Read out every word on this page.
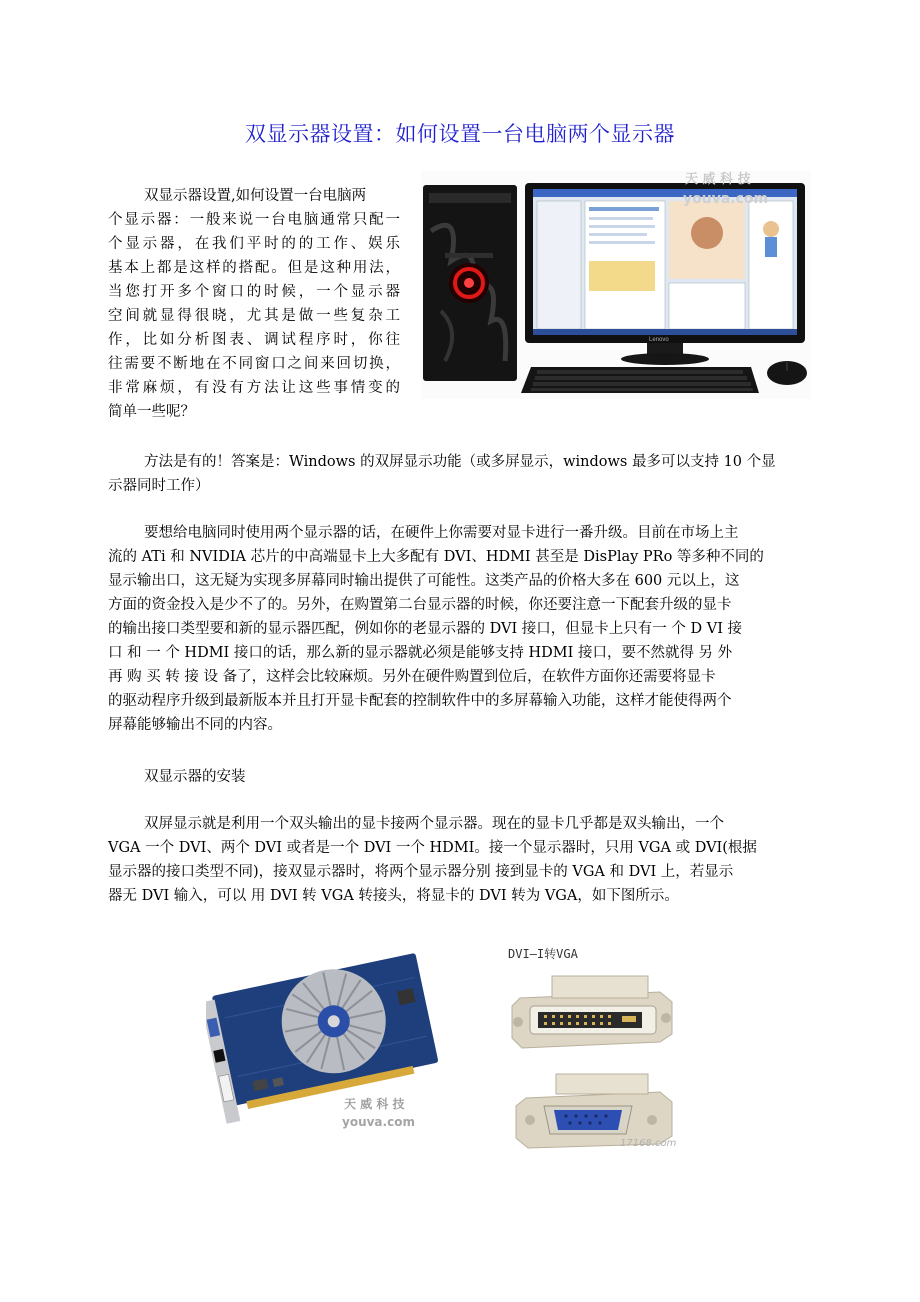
双显示器设置：如何设置一台电脑两个显示器
双显示器设置,如何设置一台电脑两
个显示器：一般来说一台电脑通常只配一
个显示器，在我们平时的的工作、娱乐
基本上都是这样的搭配。但是这种用法，
当您打开多个窗口的时候，一个显示器
空间就显得很晓，尤其是做一些复杂工
作，比如分析图表、调试程序时，你往
往需要不断地在不同窗口之间来回切换，
非常麻烦，有没有方法让这些事情变的
简单一些呢？
Lenovo
天 威 科 技
youva.com
方法是有的！答案是：Windows 的双屏显示功能（或多屏显示，windows 最多可以支持 10 个显
示器同时工作）
要想给电脑同时使用两个显示器的话，在硬件上你需要对显卡进行一番升级。目前在市场上主
流的 ATi 和 NVIDIA 芯片的中高端显卡上大多配有 DVI、HDMI 甚至是 DisPlay PRo 等多种不同的
显示输出口，这无疑为实现多屏幕同时输出提供了可能性。这类产品的价格大多在 600 元以上，这
方面的资金投入是少不了的。另外，在购置第二台显示器的时候，你还要注意一下配套升级的显卡
的输出接口类型要和新的显示器匹配，例如你的老显示器的 DVI 接口，但显卡上只有一 个 D VI 接
口 和 一 个 HDMI 接口的话，那么新的显示器就必须是能够支持 HDMI 接口，要不然就得 另 外
再 购 买 转 接 设 备了，这样会比较麻烦。另外在硬件购置到位后，在软件方面你还需要将显卡
的驱动程序升级到最新版本并且打开显卡配套的控制软件中的多屏幕输入功能，这样才能使得两个
屏幕能够输出不同的内容。
双显示器的安装
双屏显示就是利用一个双头输出的显卡接两个显示器。现在的显卡几乎都是双头输出，一个
VGA 一个 DVI、两个 DVI 或者是一个 DVI 一个 HDMI。接一个显示器时，只用 VGA 或 DVI(根据
显示器的接口类型不同)，接双显示器时，将两个显示器分别 接到显卡的 VGA 和 DVI 上，若显示
器无 DVI 输入，可以 用 DVI 转 VGA 转接头，将显卡的 DVI 转为 VGA，如下图所示。
天 威 科 技
youva.com
DVI—I转VGA
17168.com
